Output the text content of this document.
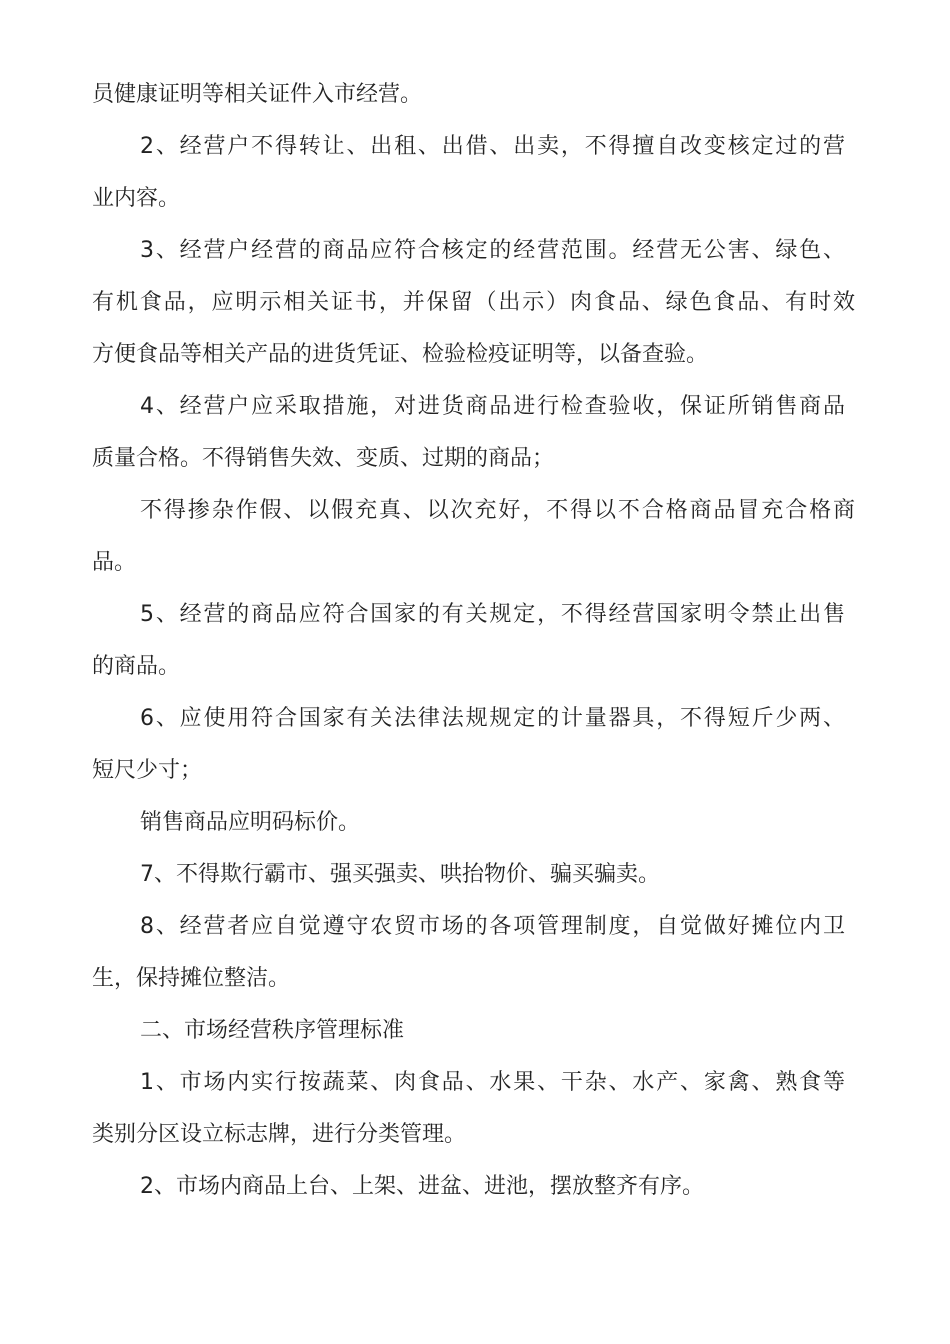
员健康证明等相关证件入市经营。
2、经营户不得转让、出租、出借、出卖，不得擅自改变核定过的营
业内容。
3、经营户经营的商品应符合核定的经营范围。经营无公害、绿色、
有机食品，应明示相关证书，并保留（出示）肉食品、绿色食品、有时效
方便食品等相关产品的进货凭证、检验检疫证明等，以备查验。
4、经营户应采取措施，对进货商品进行检查验收，保证所销售商品
质量合格。不得销售失效、变质、过期的商品；
不得掺杂作假、以假充真、以次充好，不得以不合格商品冒充合格商
品。
5、经营的商品应符合国家的有关规定，不得经营国家明令禁止出售
的商品。
6、应使用符合国家有关法律法规规定的计量器具，不得短斤少两、
短尺少寸；
销售商品应明码标价。
7、不得欺行霸市、强买强卖、哄抬物价、骗买骗卖。
8、经营者应自觉遵守农贸市场的各项管理制度，自觉做好摊位内卫
生，保持摊位整洁。
二、市场经营秩序管理标准
1、市场内实行按蔬菜、肉食品、水果、干杂、水产、家禽、熟食等
类别分区设立标志牌，进行分类管理。
2、市场内商品上台、上架、进盆、进池，摆放整齐有序。
